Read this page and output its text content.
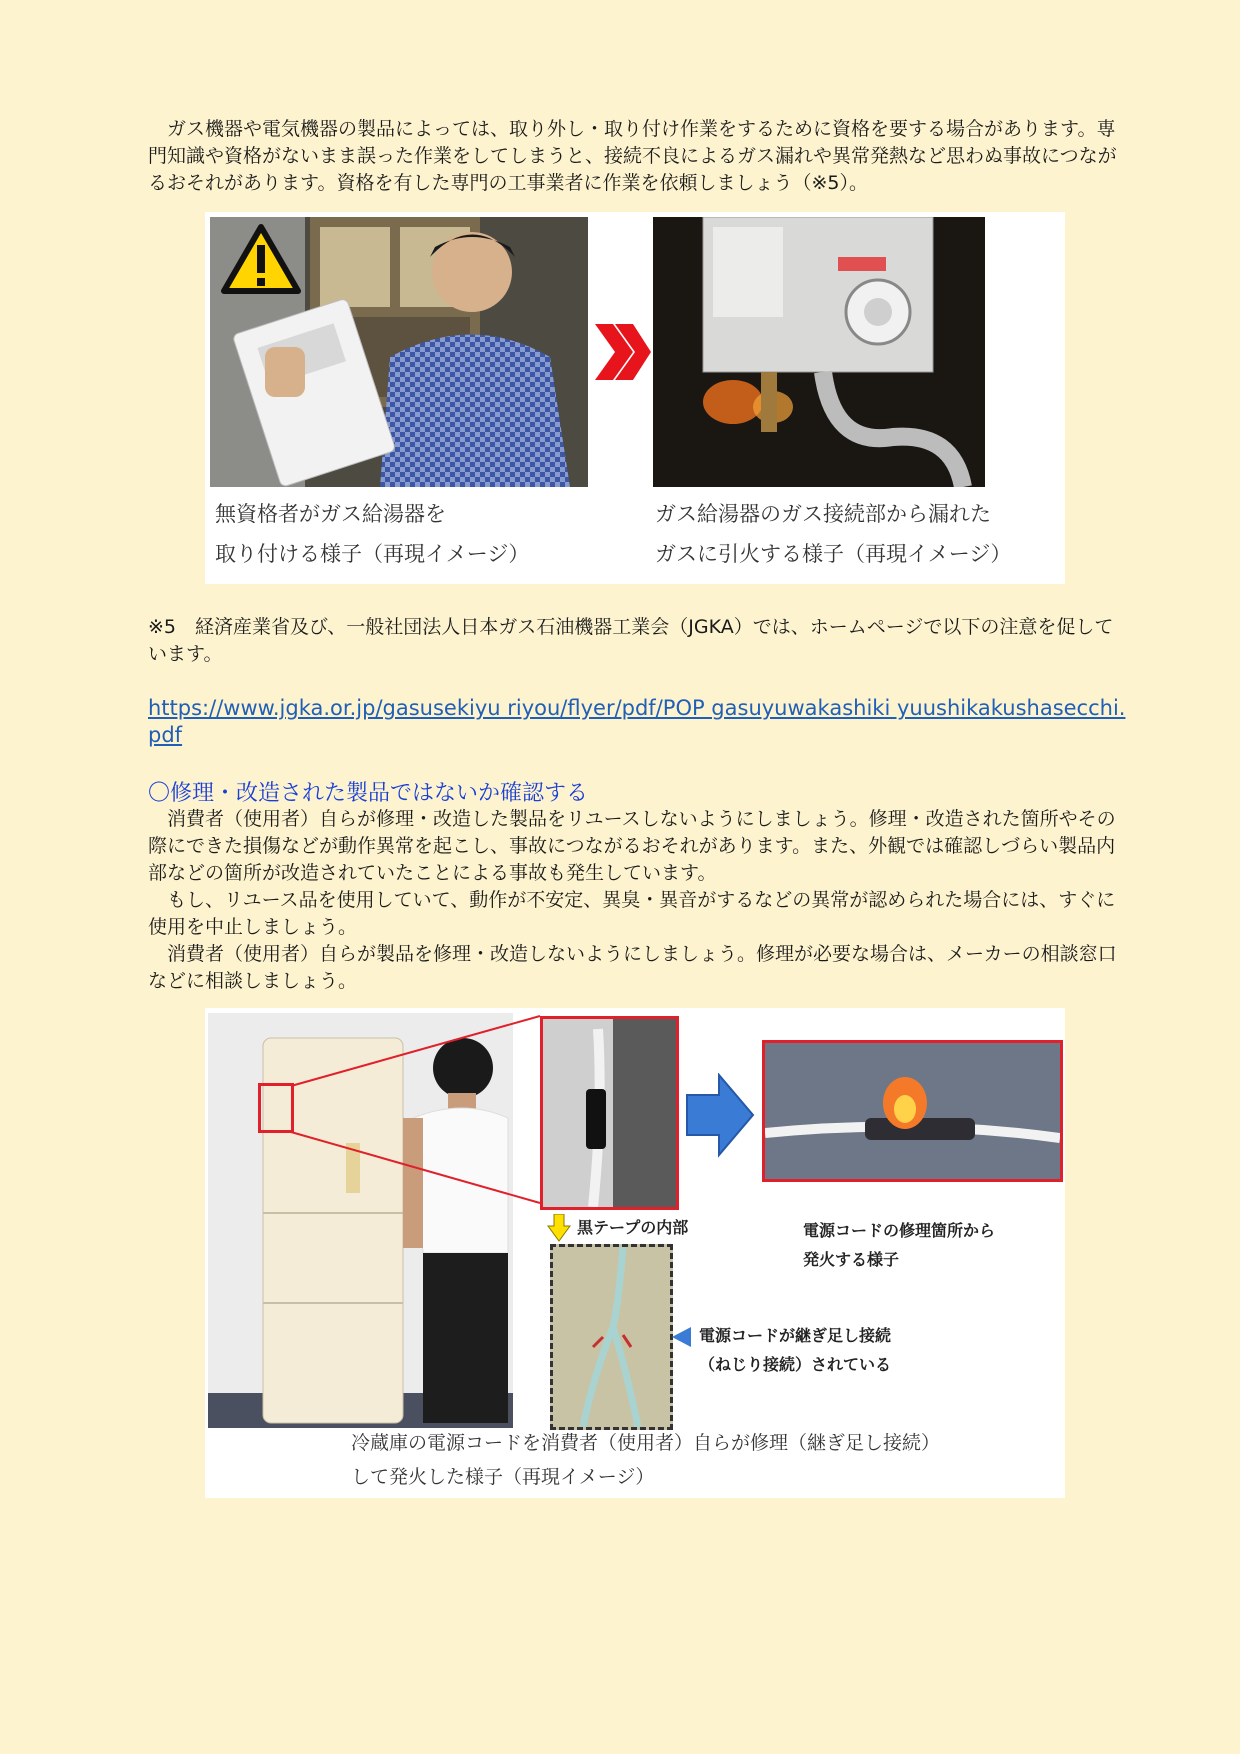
　ガス機器や電気機器の製品によっては、取り外し・取り付け作業をするために資格を要する場合があります。専門知識や資格がないまま誤った作業をしてしまうと、接続不良によるガス漏れや異常発熱など思わぬ事故につながるおそれがあります。資格を有した専門の工事業者に作業を依頼しましょう（※5）。

無資格者がガス給湯器を

取り付ける様子（再現イメージ）

ガス給湯器のガス接続部から漏れた

ガスに引火する様子（再現イメージ）

※5　経済産業省及び、一般社団法人日本ガス石油機器工業会（JGKA）では、ホームページで以下の注意を促しています。

https://www.jgka.or.jp/gasusekiyu riyou/flyer/pdf/POP gasuyuwakashiki yuushikakushasecchi.pdf

〇修理・改造された製品ではないか確認する

　消費者（使用者）自らが修理・改造した製品をリユースしないようにしましょう。修理・改造された箇所やその際にできた損傷などが動作異常を起こし、事故につながるおそれがあります。また、外観では確認しづらい製品内部などの箇所が改造されていたことによる事故も発生しています。

　もし、リユース品を使用していて、動作が不安定、異臭・異音がするなどの異常が認められた場合には、すぐに使用を中止しましょう。

　消費者（使用者）自らが製品を修理・改造しないようにしましょう。修理が必要な場合は、メーカーの相談窓口などに相談しましょう。

黒テープの内部	電源コードの修理箇所から

発火する様子

電源コードが継ぎ足し接続

（ねじり接続）されている

冷蔵庫の電源コードを消費者（使用者）自らが修理（継ぎ足し接続）

して発火した様子（再現イメージ）
